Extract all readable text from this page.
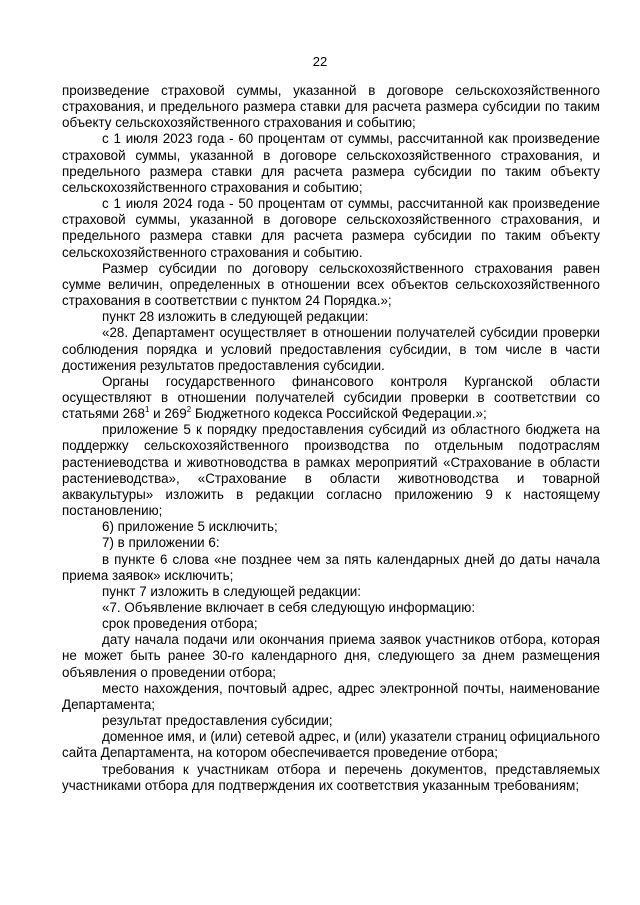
22

произведение страховой суммы, указанной в договоре сельскохозяйственного страхования, и предельного размера ставки для расчета размера субсидии по таким объекту сельскохозяйственного страхования и событию;

с 1 июля 2023 года - 60 процентам от суммы, рассчитанной как произведение страховой суммы, указанной в договоре сельскохозяйственного страхования, и предельного размера ставки для расчета размера субсидии по таким объекту сельскохозяйственного страхования и событию;

с 1 июля 2024 года - 50 процентам от суммы, рассчитанной как произведение страховой суммы, указанной в договоре сельскохозяйственного страхования, и предельного размера ставки для расчета размера субсидии по таким объекту сельскохозяйственного страхования и событию.

Размер субсидии по договору сельскохозяйственного страхования равен сумме величин, определенных в отношении всех объектов сельскохозяйственного страхования в соответствии с пунктом 24 Порядка.»;

пункт 28 изложить в следующей редакции:

«28. Департамент осуществляет в отношении получателей субсидии проверки соблюдения порядка и условий предоставления субсидии, в том числе в части достижения результатов предоставления субсидии.

Органы государственного финансового контроля Курганской области осуществляют в отношении получателей субсидии проверки в соответствии со статьями $268^1$ и $269^2$ Бюджетного кодекса Российской Федерации.»;

приложение 5 к порядку предоставления субсидий из областного бюджета на поддержку сельскохозяйственного производства по отдельным подотраслям растениеводства и животноводства в рамках мероприятий «Страхование в области растениеводства», «Страхование в области животноводства и товарной аквакультуры» изложить в редакции согласно приложению 9 к настоящему постановлению;

6) приложение 5 исключить;

7) в приложении 6:

в пункте 6 слова «не позднее чем за пять календарных дней до даты начала приема заявок» исключить;

пункт 7 изложить в следующей редакции:

«7. Объявление включает в себя следующую информацию:

срок проведения отбора;

дату начала подачи или окончания приема заявок участников отбора, которая не может быть ранее 30-го календарного дня, следующего за днем размещения объявления о проведении отбора;

место нахождения, почтовый адрес, адрес электронной почты, наименование Департамента;

результат предоставления субсидии;

доменное имя, и (или) сетевой адрес, и (или) указатели страниц официального сайта Департамента, на котором обеспечивается проведение отбора;

требования к участникам отбора и перечень документов, представляемых участниками отбора для подтверждения их соответствия указанным требованиям;
